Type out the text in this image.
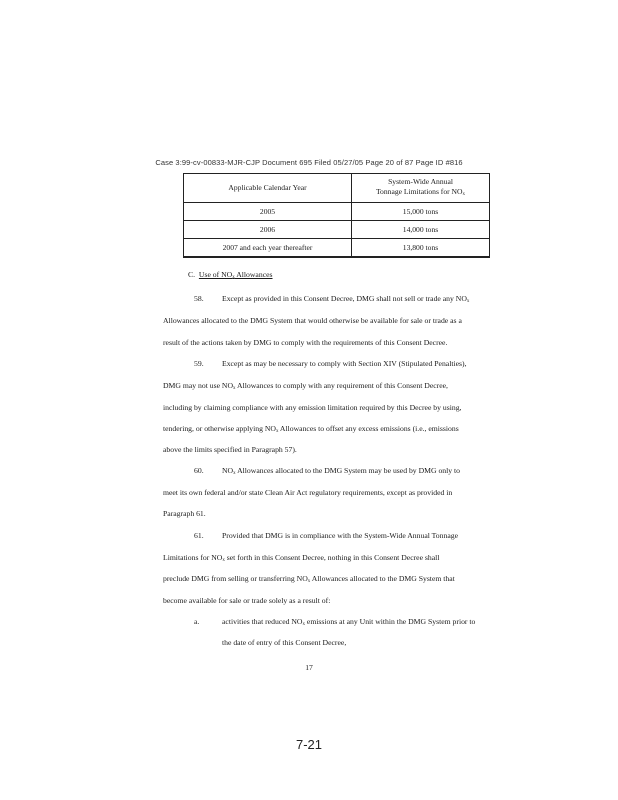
Case 3:99-cv-00833-MJR-CJP Document 695 Filed 05/27/05 Page 20 of 87 Page ID #816
Applicable Calendar Year	System-Wide Annual
Tonnage Limitations for $NO_x$
2005	15,000 tons
2006	14,000 tons
2007 and each year thereafter	13,800 tons
C. Use of $NO_x$ Allowances
58. Except as provided in this Consent Decree, DMG shall not sell or trade any $NO_x$
Allowances allocated to the DMG System that would otherwise be available for sale or trade as a
result of the actions taken by DMG to comply with the requirements of this Consent Decree.
59. Except as may be necessary to comply with Section XIV (Stipulated Penalties),
DMG may not use $NO_x$ Allowances to comply with any requirement of this Consent Decree,
including by claiming compliance with any emission limitation required by this Decree by using,
tendering, or otherwise applying $NO_x$ Allowances to offset any excess emissions (i.e., emissions
above the limits specified in Paragraph 57).
60. $NO_x$ Allowances allocated to the DMG System may be used by DMG only to
meet its own federal and/or state Clean Air Act regulatory requirements, except as provided in
Paragraph 61.
61. Provided that DMG is in compliance with the System-Wide Annual Tonnage
Limitations for $NO_x$ set forth in this Consent Decree, nothing in this Consent Decree shall
preclude DMG from selling or transferring $NO_x$ Allowances allocated to the DMG System that
become available for sale or trade solely as a result of:
a.	activities that reduced $NO_x$ emissions at any Unit within the DMG System prior to
the date of entry of this Consent Decree,
17
7-21
